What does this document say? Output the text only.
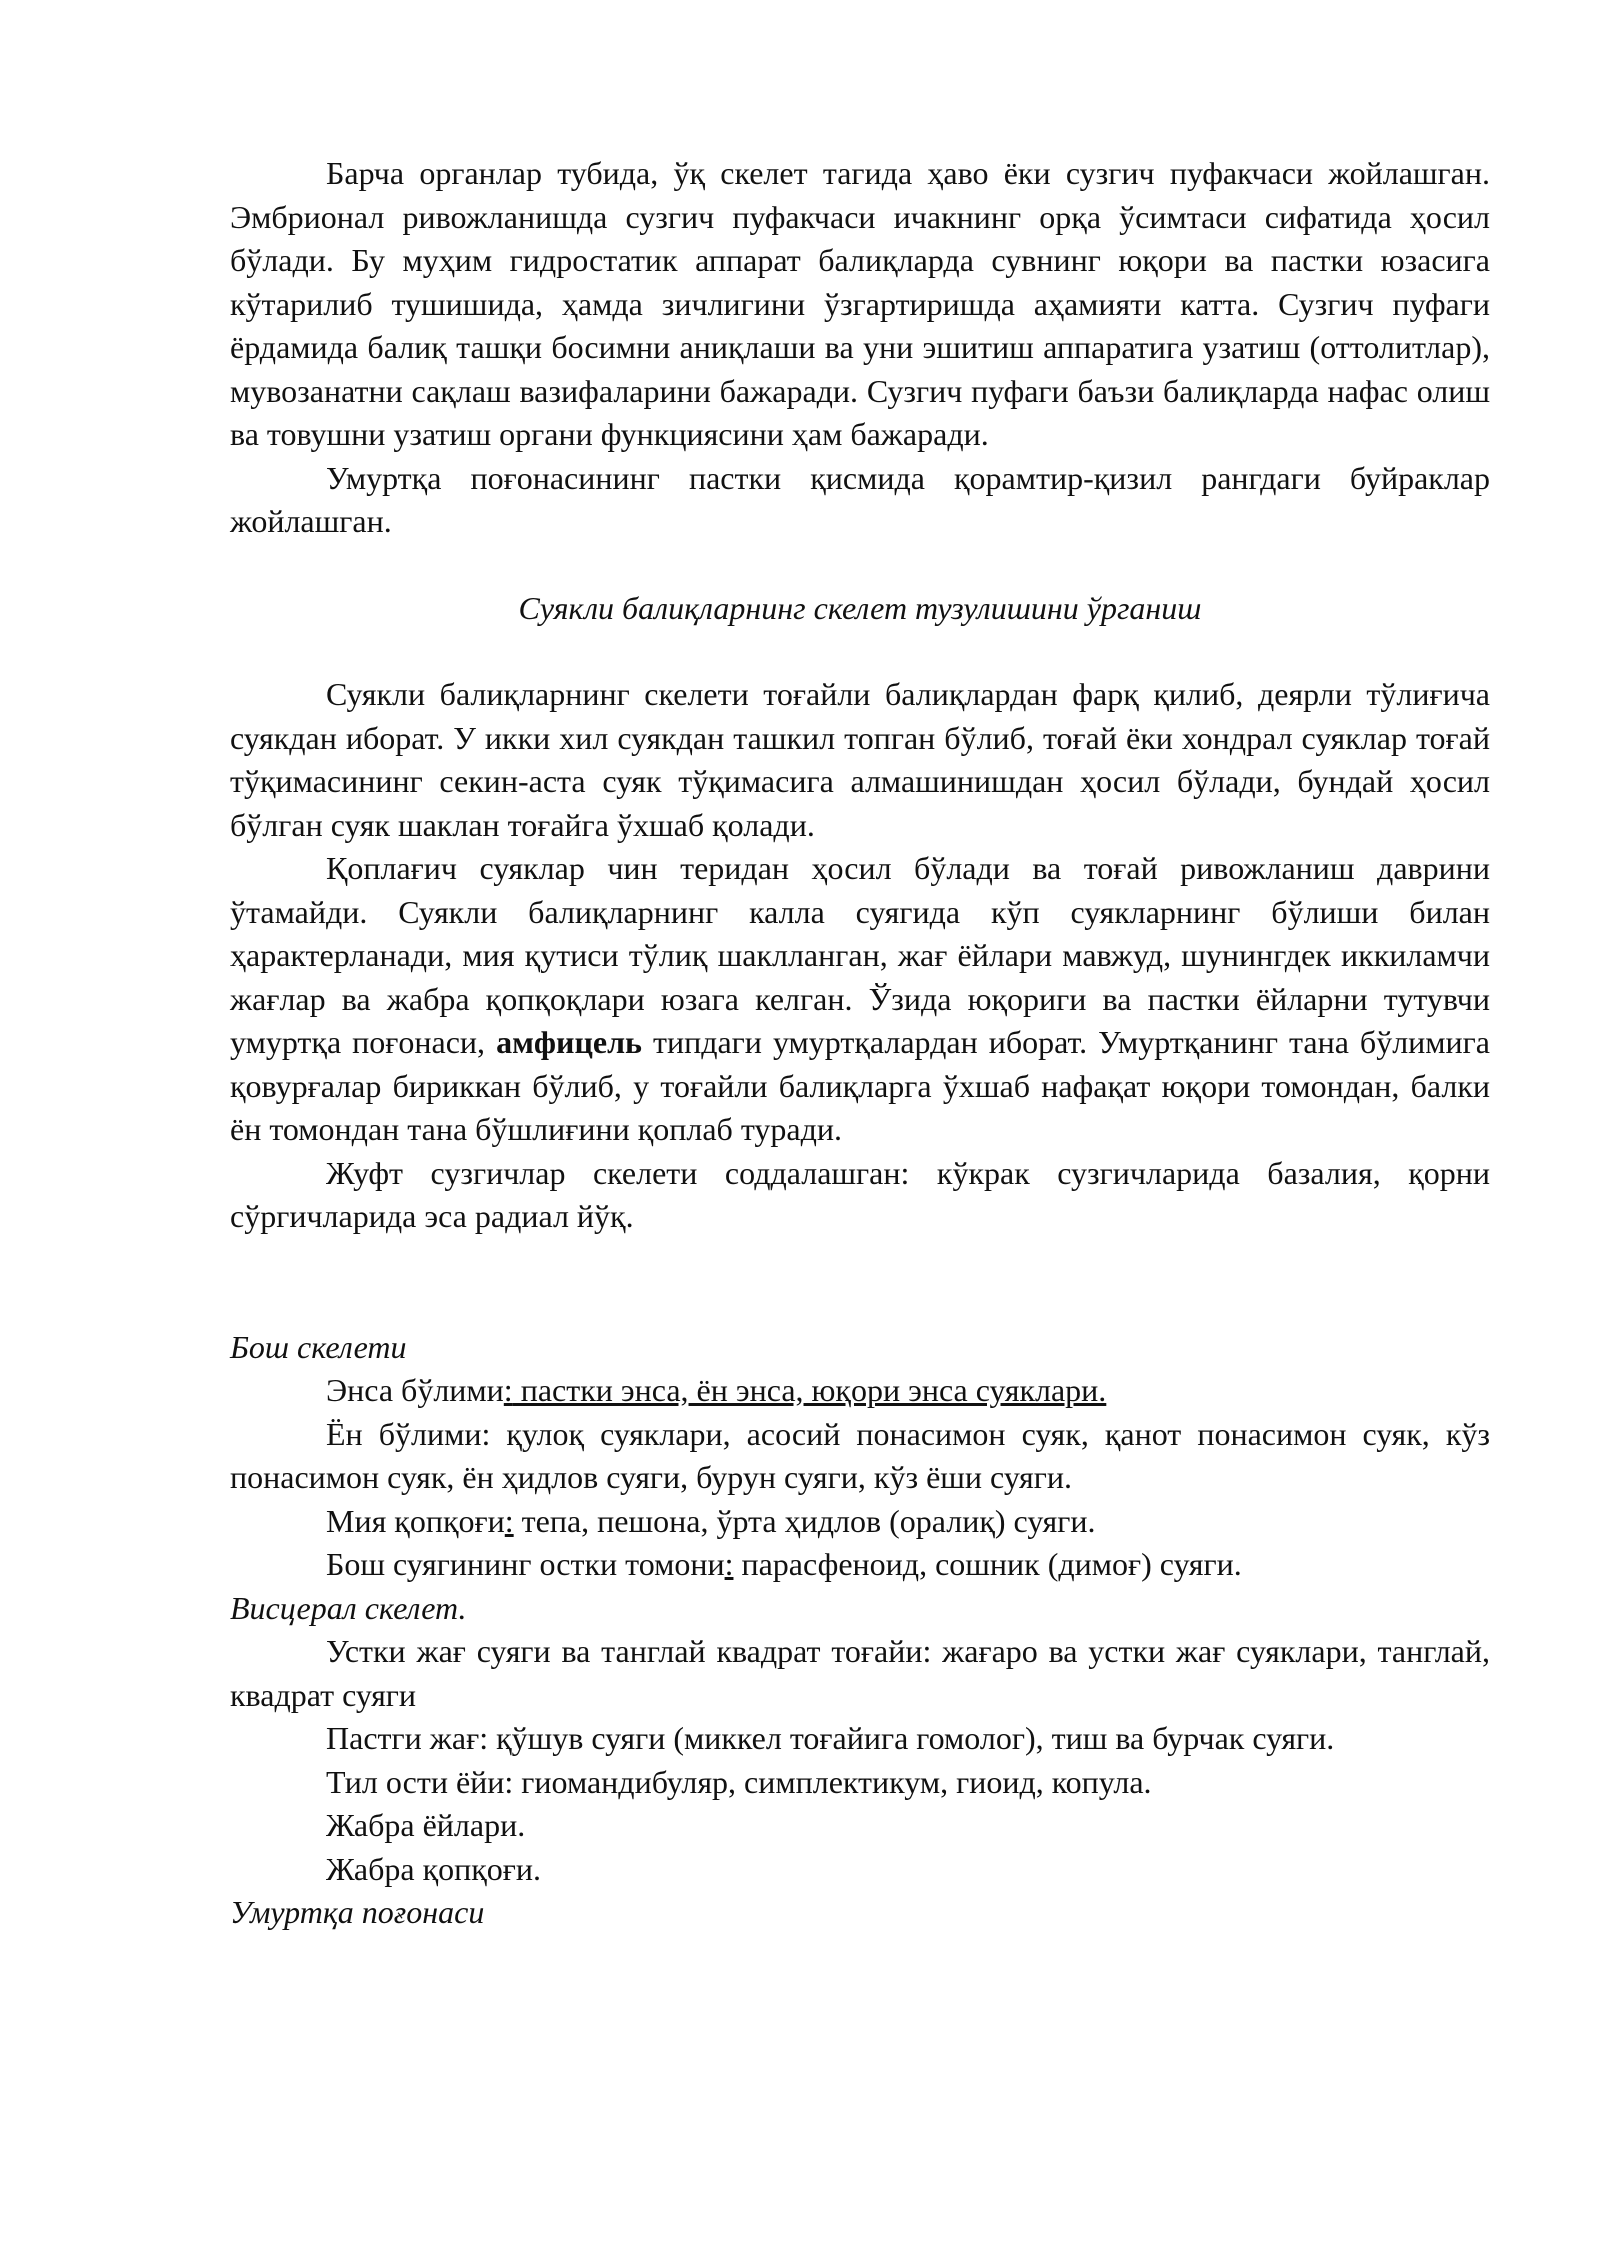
Барча органлар тубида, ўқ скелет тагида ҳаво ёки сузгич пуфакчаси жойлашган. Эмбрионал ривожланишда сузгич пуфакчаси ичакнинг орқа ўсимтаси сифатида ҳосил бўлади. Бу муҳим гидростатик аппарат балиқларда сувнинг юқори ва пастки юзасига кўтарилиб тушишида, ҳамда зичлигини ўзгартиришда аҳамияти катта. Сузгич пуфаги ёрдамида балиқ ташқи босимни аниқлаши ва уни эшитиш аппаратига узатиш (оттолитлар), мувозанатни сақлаш вазифаларини бажаради. Сузгич пуфаги баъзи балиқларда нафас олиш ва товушни узатиш органи функциясини ҳам бажаради.

Умуртқа поғонасининг пастки қисмида қорамтир-қизил рангдаги буйраклар жойлашган.

Суякли балиқларнинг скелет тузулишини ўрганиш

Суякли балиқларнинг скелети тоғайли балиқлардан фарқ қилиб, деярли тўлиғича суякдан иборат. У икки хил суякдан ташкил топган бўлиб, тоғай ёки хондрал суяклар тоғай тўқимасининг секин-аста суяк тўқимасига алмашинишдан ҳосил бўлади, бундай ҳосил бўлган суяк шаклан тоғайга ўхшаб қолади.

Қоплағич суяклар чин теридан ҳосил бўлади ва тоғай ривожланиш даврини ўтамайди. Суякли балиқларнинг калла суягида кўп суякларнинг бўлиши билан ҳарактерланади, мия қутиси тўлиқ шаклланган, жағ ёйлари мавжуд, шунингдек иккиламчи жағлар ва жабра қопқоқлари юзага келган. Ўзида юқориги ва пастки ёйларни тутувчи умуртқа поғонаси, амфицель типдаги умуртқалардан иборат. Умуртқанинг тана бўлимига қовурғалар бириккан бўлиб, у тоғайли балиқларга ўхшаб нафақат юқори томондан, балки ён томондан тана бўшлиғини қоплаб туради.

Жуфт сузгичлар скелети соддалашган: кўкрак сузгичларида базалия, қорни сўргичларида эса радиал йўқ.

Бош скелети

Энса бўлими: пастки энса, ён энса, юқори энса суяклари.

Ён бўлими: қулоқ суяклари, асосий понасимон суяк, қанот понасимон суяк, кўз понасимон суяк, ён ҳидлов суяги, бурун суяги, кўз ёши суяги.

Мия қопқоғи: тепа, пешона, ўрта ҳидлов (оралиқ) суяги.

Бош суягининг остки томони: парасфеноид, сошник (димоғ) суяги.

Висцерал скелет.

Устки жағ суяги ва танглай квадрат тоғайи: жағаро ва устки жағ суяклари, танглай, квадрат суяги

Пастги жағ: қўшув суяги (миккел тоғайига гомолог), тиш ва бурчак суяги.

Тил ости ёйи: гиомандибуляр, симплектикум, гиоид, копула.

Жабра ёйлари.

Жабра қопқоғи.

Умуртқа поғонаси
